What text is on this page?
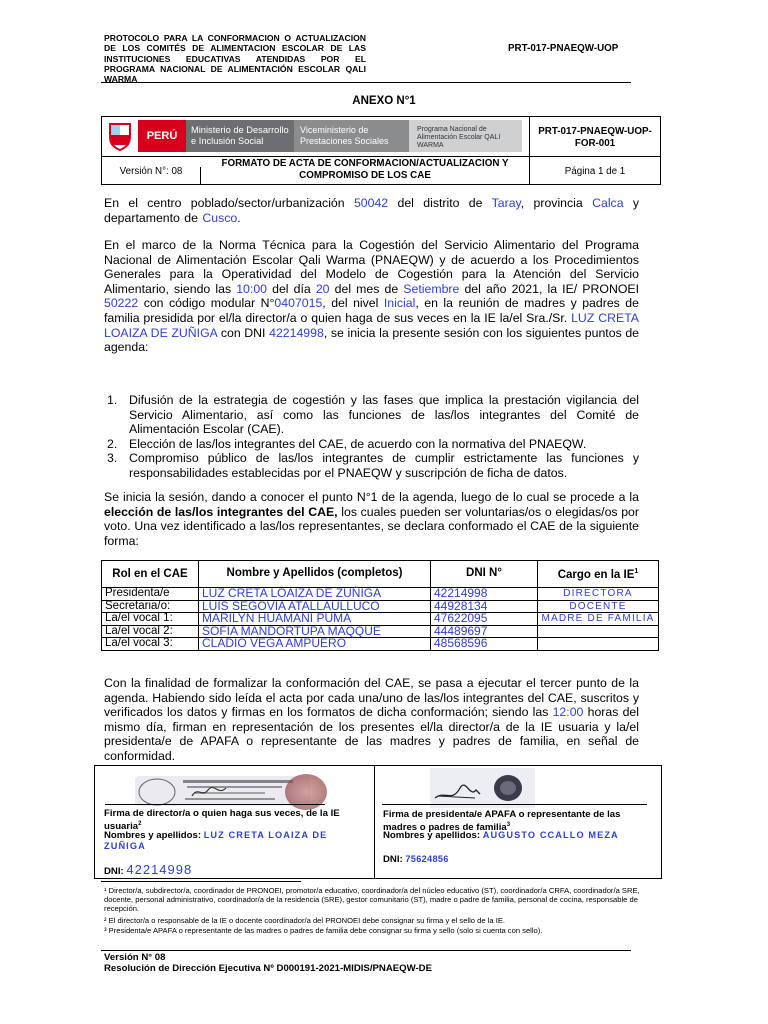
PROTOCOLO PARA LA CONFORMACION O ACTUALIZACION DE LOS COMITÉS DE ALIMENTACION ESCOLAR DE LAS INSTITUCIONES EDUCATIVAS ATENDIDAS POR EL PROGRAMA NACIONAL DE ALIMENTACIÓN ESCOLAR QALI WARMA
PRT-017-PNAEQW-UOP
ANEXO N°1
PERÚ	Ministerio de Desarrollo e Inclusión Social
Viceministerio de Prestaciones Sociales
Programa Nacional de Alimentación Escolar QALI WARMA
PRT-017-PNAEQW-UOP-FOR-001
Versión N°: 08
FORMATO DE ACTA DE CONFORMACION/ACTUALIZACION Y COMPROMISO DE LOS CAE	Página 1 de 1
En el centro poblado/sector/urbanización 50042 del distrito de Taray, provincia Calca y departamento de Cusco.
En el marco de la Norma Técnica para la Cogestión del Servicio Alimentario del Programa Nacional de Alimentación Escolar Qali Warma (PNAEQW) y de acuerdo a los Procedimientos Generales para la Operatividad del Modelo de Cogestión para la Atención del Servicio Alimentario, siendo las 10:00 del día 20 del mes de Setiembre del año 2021, la IE/ PRONOEI 50222 con código modular N°0407015, del nivel Inicial, en la reunión de madres y padres de familia presidida por el/la director/a o quien haga de sus veces en la IE la/el Sra./Sr. LUZ CRETA LOAIZA DE ZUÑIGA con DNI 42214998, se inicia la presente sesión con los siguientes puntos de agenda:
1. Difusión de la estrategia de cogestión y las fases que implica la prestación vigilancia del Servicio Alimentario, así como las funciones de las/los integrantes del Comité de Alimentación Escolar (CAE).
2. Elección de las/los integrantes del CAE, de acuerdo con la normativa del PNAEQW.
3. Compromiso público de las/los integrantes de cumplir estrictamente las funciones y responsabilidades establecidas por el PNAEQW y suscripción de ficha de datos.
Se inicia la sesión, dando a conocer el punto N°1 de la agenda, luego de lo cual se procede a la elección de las/los integrantes del CAE, los cuales pueden ser voluntarias/os o elegidas/os por voto. Una vez identificado a las/los representantes, se declara conformado el CAE de la siguiente forma:
Rol en el CAE	Nombre y Apellidos (completos)	DNI N°	Cargo en la $IE^1$
Presidenta/e	LUZ CRETA LOAIZA DE ZUÑIGA	42214998	DIRECTORA
Secretaria/o:	LUIS SEGOVIA ATALLAULLUCO	44928134	DOCENTE
La/el vocal 1:	MARILYN HUAMANI PUMA	47622095	MADRE DE FAMILIA
La/el vocal 2:	SOFIA MANDORTUPA MAQQUE	44489697	
La/el vocal 3:	CLADIO VEGA AMPUERO	48568596	
Con la finalidad de formalizar la conformación del CAE, se pasa a ejecutar el tercer punto de la agenda. Habiendo sido leída el acta por cada una/uno de las/los integrantes del CAE, suscritos y verificados los datos y firmas en los formatos de dicha conformación; siendo las 12:00 horas del mismo día, firman en representación de los presentes el/la director/a de la IE usuaria y la/el presidenta/e de APAFA o representante de las madres y padres de familia, en señal de conformidad.
Firma de director/a o quien haga sus veces, de la IE usuaria$^2$
Nombres y apellidos: LUZ CRETA LOAIZA DE ZUÑIGA
Firma de presidenta/e APAFA o representante de las madres o padres de familia$^3$
Nombres y apellidos: AUGUSTO CCALLO MEZA
DNI: 75624856
DNI: 42214998
¹ Director/a, subdirector/a, coordinador de PRONOEI, promotor/a educativo, coordinador/a del núcleo educativo (ST), coordinador/a CRFA, coordinador/a SRE, docente, personal administrativo, coordinador/a de la residencia (SRE), gestor comunitario (ST), madre o padre de familia, personal de cocina, responsable de recepción.
² El director/a o responsable de la IE o docente coordinador/a del PRONOEI debe consignar su firma y el sello de la IE.
³ Presidenta/e APAFA o representante de las madres o padres de familia debe consignar su firma y sello (solo si cuenta con sello).
Versión N° 08
Resolución de Dirección Ejecutiva Nº D000191-2021-MIDIS/PNAEQW-DE
